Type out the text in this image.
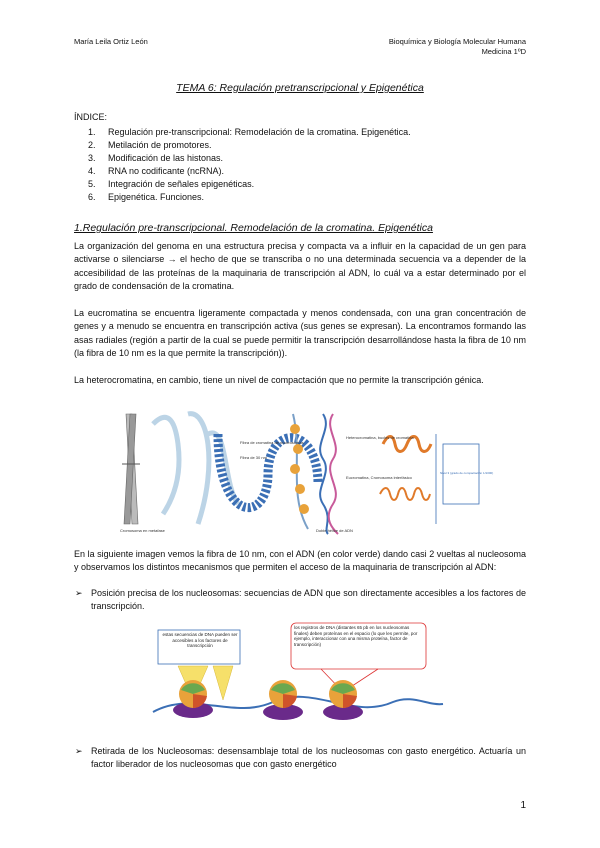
María Leila Ortiz León	Bioquímica y Biología Molecular Humana
Medicina 1ºD
TEMA 6: Regulación pretranscripcional y Epigenética
ÍNDICE:
1.	Regulación pre-transcripcional: Remodelación de la cromatina. Epigenética.
2.	Metilación de promotores.
3.	Modificación de las histonas.
4.	RNA no codificante (ncRNA).
5.	Integración de señales epigenéticas.
6.	Epigenética. Funciones.
1.Regulación pre-transcripcional. Remodelación de la cromatina. Epigenética

La organización del genoma en una estructura precisa y compacta va a influir en la capacidad de un gen para activarse o silenciarse → el hecho de que se transcriba o no una determinada secuencia va a depender de la accesibilidad de las proteínas de la maquinaria de transcripción al ADN, lo cuál va a estar determinado por el grado de condensación de la cromatina.

La eucromatina se encuentra ligeramente compactada y menos condensada, con una gran concentración de genes y a menudo se encuentra en transcripción activa (sus genes se expresan). La encontramos formando las asas radiales (región a partir de la cual se puede permitir la transcripción desarrollándose hasta la fibra de 10 nm (la fibra de 10 nm es la que permite la transcripción)).

La heterocromatina, en cambio, tiene un nivel de compactación que no permite la transcripción génica.

Cromosoma en metafase	Doble hélice de ADN
Heterocromatina, bucles de cromatina
Eucromatina, Cromosoma interfásico
Fibra de cromatina de nucleosomas
Fibra de 30 nm
Nivel 3 (grado de compactación 1/1000)

En la siguiente imagen vemos la fibra de 10 nm, con el ADN (en color verde) dando casi 2 vueltas al nucleosoma y observamos los distintos mecanismos que permiten el acceso de la maquinaria de transcripción al ADN:

➢ Posición precisa de los nucleosomas: secuencias de ADN que son directamente accesibles a los factores de transcripción.
estas secuencias de DNA pueden ser accesibles a los factores de transcripción
los registros de DNA (distantes 65 pb en los nucleosomas finales) deben proteínas en el espacio (lo que les permite, por ejemplo, interaccionar con una misma proteína, factor de transcripción)
➢ Retirada de los Nucleosomas: desensamblaje total de los nucleosomas con gasto energético. Actuaría un factor liberador de los nucleosomas que con gasto energético
1
